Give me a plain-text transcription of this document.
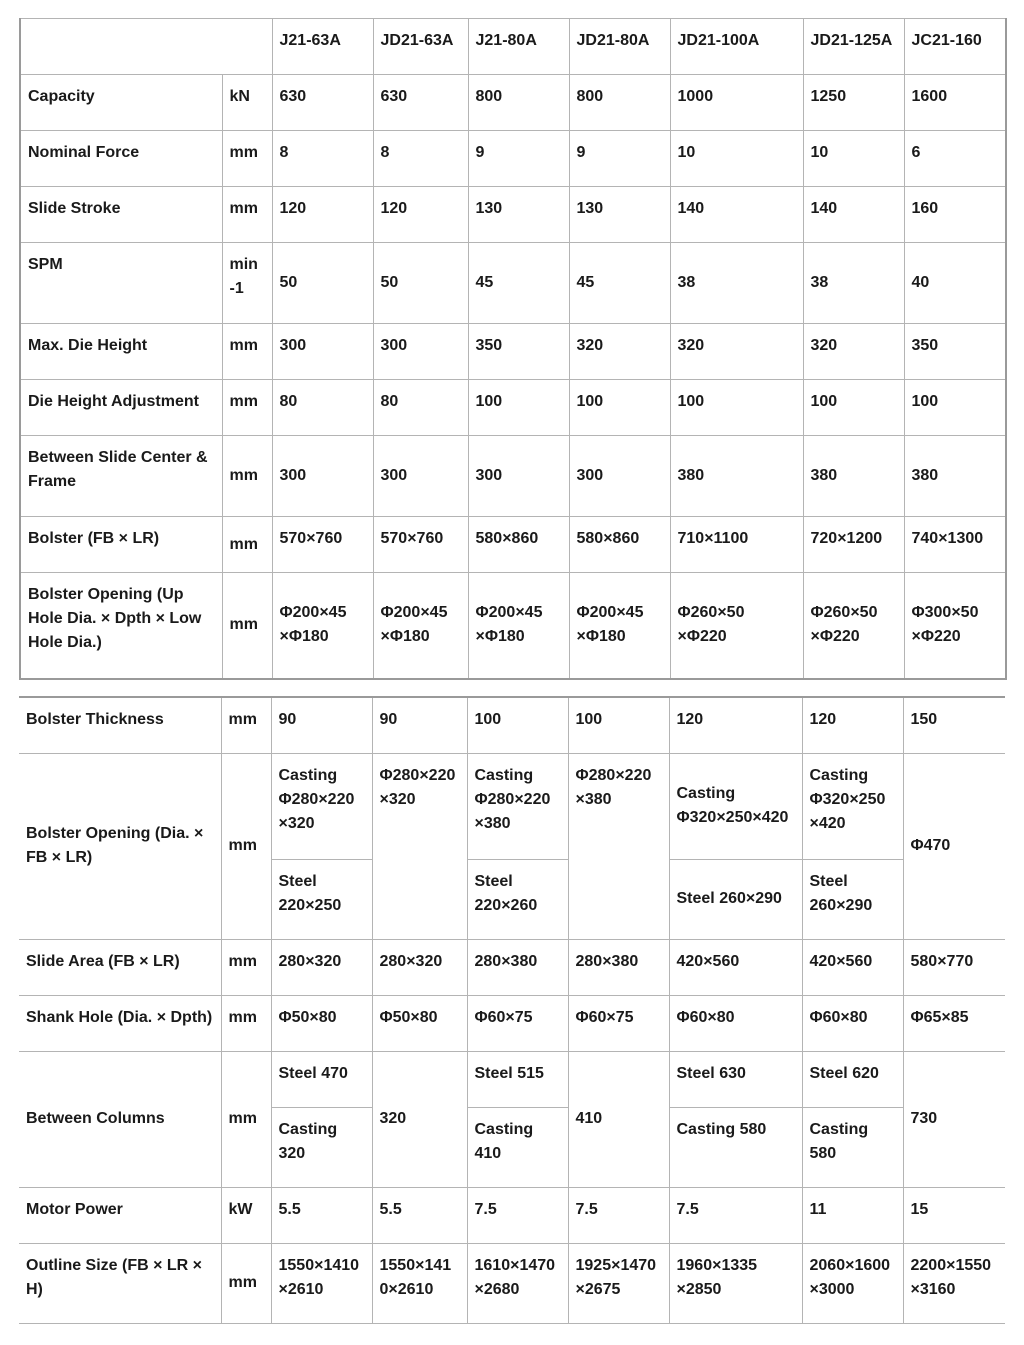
		J21-63A	JD21-63A	J21-80A	JD21-80A	JD21-100A	JD21-125A	JC21-160
Capacity	kN	630	630	800	800	1000	1250	1600
Nominal Force	mm	8	8	9	9	10	10	6
Slide Stroke	mm	120	120	130	130	140	140	160
SPM	min -1	50	50	45	45	38	38	40
Max. Die Height	mm	300	300	350	320	320	320	350
Die Height Adjustment	mm	80	80	100	100	100	100	100
Between Slide Center & Frame	mm	300	300	300	300	380	380	380
Bolster (FB × LR)	mm	570×760	570×760	580×860	580×860	710×1100	720×1200	740×1300
Bolster Opening (Up Hole Dia. × Dpth × Low Hole Dia.)	mm	Φ200×45 ×Φ180	Φ200×45 ×Φ180	Φ200×45 ×Φ180	Φ200×45 ×Φ180	Φ260×50 ×Φ220	Φ260×50 ×Φ220	Φ300×50 ×Φ220
Bolster Thickness	mm	90	90	100	100	120	120	150
Bolster Opening (Dia. × FB × LR)	mm	Casting Φ280×220 ×320	Φ280×220 ×320	Casting Φ280×220 ×380	Φ280×220 ×380	Casting Φ320×250×420	Casting Φ320×250 ×420	Φ470
		Steel 220×250		Steel 220×260		Steel 260×290	Steel 260×290	
Slide Area (FB × LR)	mm	280×320	280×320	280×380	280×380	420×560	420×560	580×770
Shank Hole (Dia. × Dpth)	mm	Φ50×80	Φ50×80	Φ60×75	Φ60×75	Φ60×80	Φ60×80	Φ65×85
Between Columns	mm	Steel 470	320	Steel 515	410	Steel 630	Steel 620	730
		Casting 320		Casting 410		Casting 580	Casting 580	
Motor Power	kW	5.5	5.5	7.5	7.5	7.5	11	15
Outline Size (FB × LR × H)	mm	1550×1410 ×2610	1550×141 0×2610	1610×1470 ×2680	1925×1470 ×2675	1960×1335 ×2850	2060×1600 ×3000	2200×1550 ×3160
